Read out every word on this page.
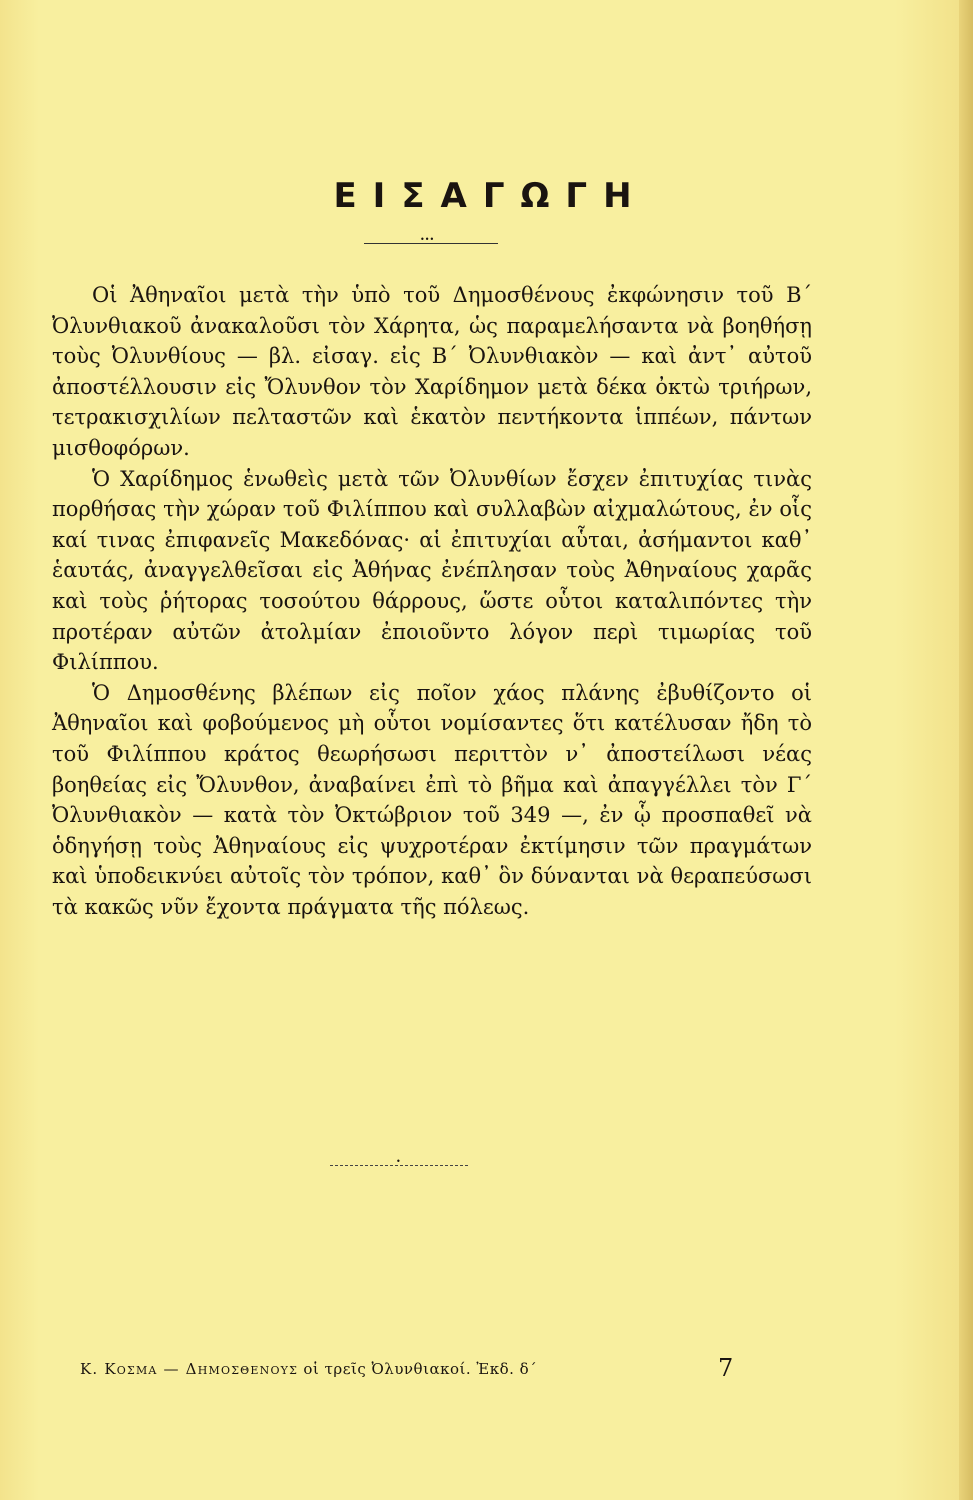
ΕΙΣΑΓΩΓΗ
•••

Οἱ Ἀθηναῖοι μετὰ τὴν ὑπὸ τοῦ Δημοσθένους ἐκφώνησιν τοῦ Β΄ Ὀλυνθιακοῦ ἀνακαλοῦσι τὸν Χάρητα, ὡς παραμελήσαντα νὰ βοηθήσῃ τοὺς Ὀλυνθίους — βλ. εἰσαγ. εἰς Β΄ Ὀλυνθιακὸν — καὶ ἀντ᾽ αὐτοῦ ἀποστέλλουσιν εἰς Ὄλυνθον τὸν Χαρίδημον μετὰ δέκα ὀκτὼ τριήρων, τετρακισχιλίων πελταστῶν καὶ ἑκατὸν πεντήκοντα ἱππέων, πάντων μισθοφόρων.

Ὁ Χαρίδημος ἑνωθεὶς μετὰ τῶν Ὀλυνθίων ἔσχεν ἐπιτυχίας τινὰς πορθήσας τὴν χώραν τοῦ Φιλίππου καὶ συλλαβὼν αἰχμαλώτους, ἐν οἷς καί τινας ἐπιφανεῖς Μακεδόνας· αἱ ἐπιτυχίαι αὗται, ἀσήμαντοι καθ᾽ ἑαυτάς, ἀναγγελθεῖσαι εἰς Ἀθήνας ἐνέπλησαν τοὺς Ἀθηναίους χαρᾶς καὶ τοὺς ῥήτορας τοσούτου θάρρους, ὥστε οὗτοι καταλιπόντες τὴν προτέραν αὐτῶν ἀτολμίαν ἐποιοῦντο λόγον περὶ τιμωρίας τοῦ Φιλίππου.

Ὁ Δημοσθένης βλέπων εἰς ποῖον χάος πλάνης ἐβυθίζοντο οἱ Ἀθηναῖοι καὶ φοβούμενος μὴ οὗτοι νομίσαντες ὅτι κατέλυσαν ἤδη τὸ τοῦ Φιλίππου κράτος θεωρήσωσι περιττὸν ν᾽ ἀποστείλωσι νέας βοηθείας εἰς Ὄλυνθον, ἀναβαίνει ἐπὶ τὸ βῆμα καὶ ἀπαγγέλλει τὸν Γ΄ Ὀλυνθιακὸν — κατὰ τὸν Ὀκτώβριον τοῦ 349 —, ἐν ᾧ προσπαθεῖ νὰ ὁδηγήσῃ τοὺς Ἀθηναίους εἰς ψυχροτέραν ἐκτίμησιν τῶν πραγμάτων καὶ ὑποδεικνύει αὐτοῖς τὸν τρόπον, καθ᾽ ὃν δύνανται νὰ θεραπεύσωσι τὰ κακῶς νῦν ἔχοντα πράγματα τῆς πόλεως.

•
Κ. Κοσμα — Δημοσθενους οἱ τρεῖς Ὀλυνθιακοί. Ἐκδ. δ΄	7
